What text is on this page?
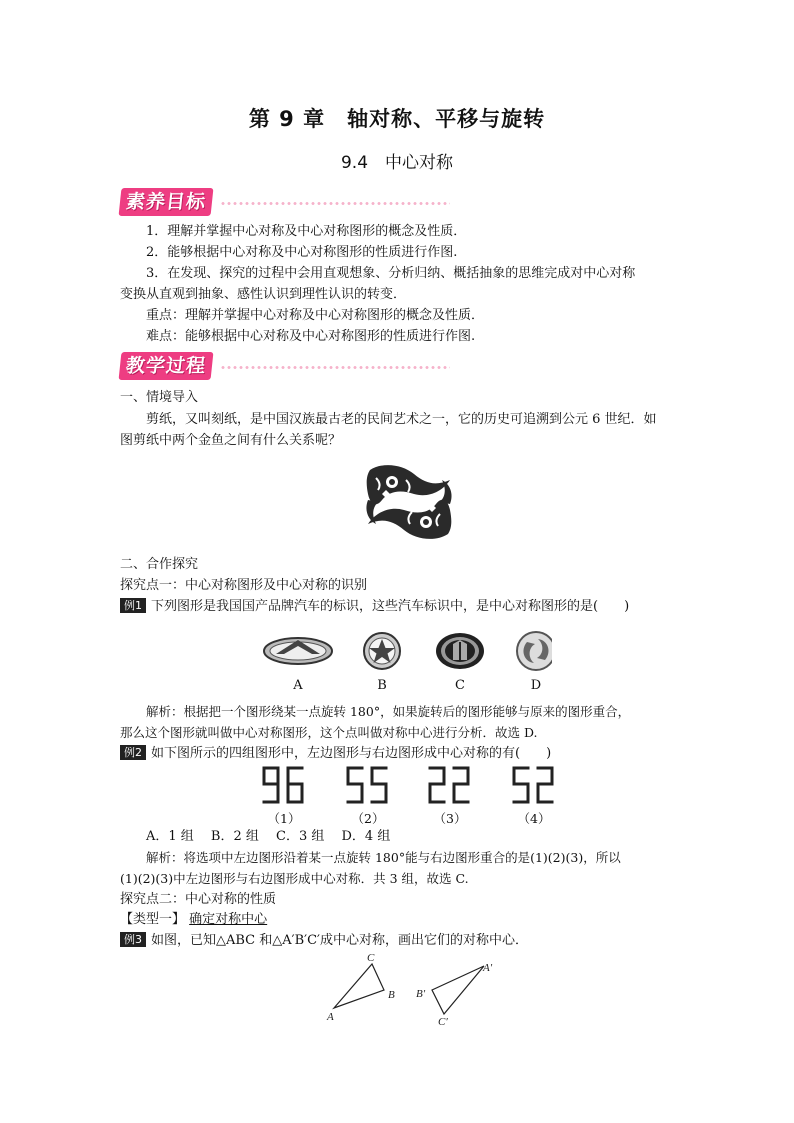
第 9 章　轴对称、平移与旋转
9.4　中心对称
素养目标
1．理解并掌握中心对称及中心对称图形的概念及性质．
2．能够根据中心对称及中心对称图形的性质进行作图.
3．在发现、探究的过程中会用直观想象、分析归纳、概括抽象的思维完成对中心对称
变换从直观到抽象、感性认识到理性认识的转变．
重点：理解并掌握中心对称及中心对称图形的概念及性质．
难点：能够根据中心对称及中心对称图形的性质进行作图.
教学过程
一、情境导入
剪纸，又叫刻纸，是中国汉族最古老的民间艺术之一，它的历史可追溯到公元 6 世纪．如
图剪纸中两个金鱼之间有什么关系呢？
二、合作探究
探究点一：中心对称图形及中心对称的识别
例1 下列图形是我国国产品牌汽车的标识，这些汽车标识中，是中心对称图形的是(　　)
A	B	C	D
解析：根据把一个图形绕某一点旋转 180°，如果旋转后的图形能够与原来的图形重合，
那么这个图形就叫做中心对称图形，这个点叫做对称中心进行分析．故选 D.
例2 如下图所示的四组图形中，左边图形与右边图形成中心对称的有(　　)
（1）	（2）	（3）	（4）
A．1 组　 B．2 组　 C．3 组　 D．4 组
解析：将选项中左边图形沿着某一点旋转 180°能与右边图形重合的是(1)(2)(3)，所以
(1)(2)(3)中左边图形与右边图形成中心对称．共 3 组，故选 C.
探究点二：中心对称的性质
【类型一】 确定对称中心
例3 如图，已知△ABC 和△A′B′C′成中心对称，画出它们的对称中心．
C
B
A
A′
B′
C′
